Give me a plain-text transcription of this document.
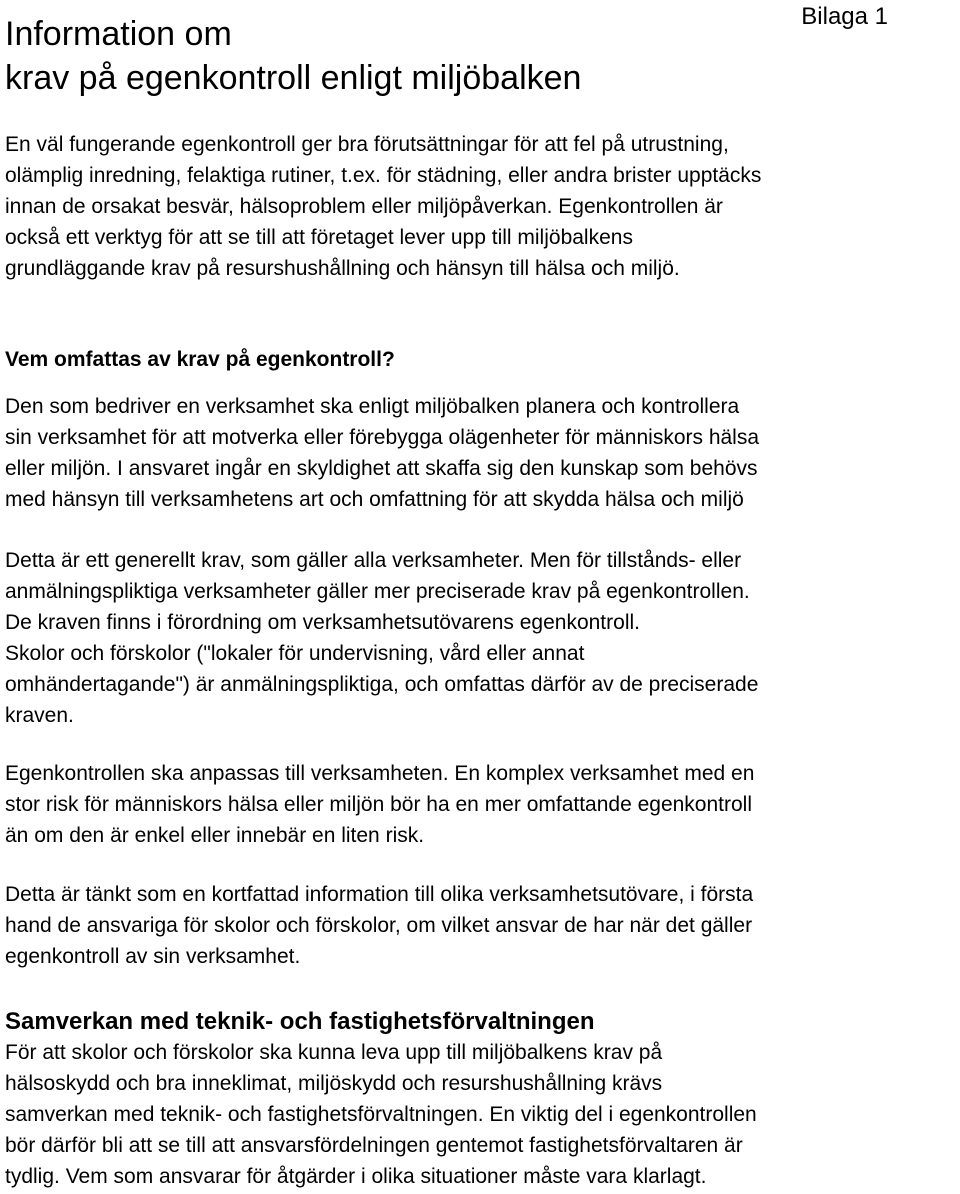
Information om
krav på egenkontroll enligt miljöbalken
Bilaga 1

En väl fungerande egenkontroll ger bra förutsättningar för att fel på utrustning,
olämplig inredning, felaktiga rutiner, t.ex. för städning, eller andra brister upptäcks
innan de orsakat besvär, hälsoproblem eller miljöpåverkan. Egenkontrollen är
också ett verktyg för att se till att företaget lever upp till miljöbalkens
grundläggande krav på resurshushållning och hänsyn till hälsa och miljö.

Vem omfattas av krav på egenkontroll?

Den som bedriver en verksamhet ska enligt miljöbalken planera och kontrollera
sin verksamhet för att motverka eller förebygga olägenheter för människors hälsa
eller miljön. I ansvaret ingår en skyldighet att skaffa sig den kunskap som behövs
med hänsyn till verksamhetens art och omfattning för att skydda hälsa och miljö

Detta är ett generellt krav, som gäller alla verksamheter. Men för tillstånds- eller
anmälningspliktiga verksamheter gäller mer preciserade krav på egenkontrollen.
De kraven finns i förordning om verksamhetsutövarens egenkontroll.
Skolor och förskolor ("lokaler för undervisning, vård eller annat
omhändertagande") är anmälningspliktiga, och omfattas därför av de preciserade
kraven.

Egenkontrollen ska anpassas till verksamheten. En komplex verksamhet med en
stor risk för människors hälsa eller miljön bör ha en mer omfattande egenkontroll
än om den är enkel eller innebär en liten risk.

Detta är tänkt som en kortfattad information till olika verksamhetsutövare, i första
hand de ansvariga för skolor och förskolor, om vilket ansvar de har när det gäller
egenkontroll av sin verksamhet.

Samverkan med teknik- och fastighetsförvaltningen

För att skolor och förskolor ska kunna leva upp till miljöbalkens krav på
hälsoskydd och bra inneklimat, miljöskydd och resurshushållning krävs
samverkan med teknik- och fastighetsförvaltningen. En viktig del i egenkontrollen
bör därför bli att se till att ansvarsfördelningen gentemot fastighetsförvaltaren är
tydlig. Vem som ansvarar för åtgärder i olika situationer måste vara klarlagt.
